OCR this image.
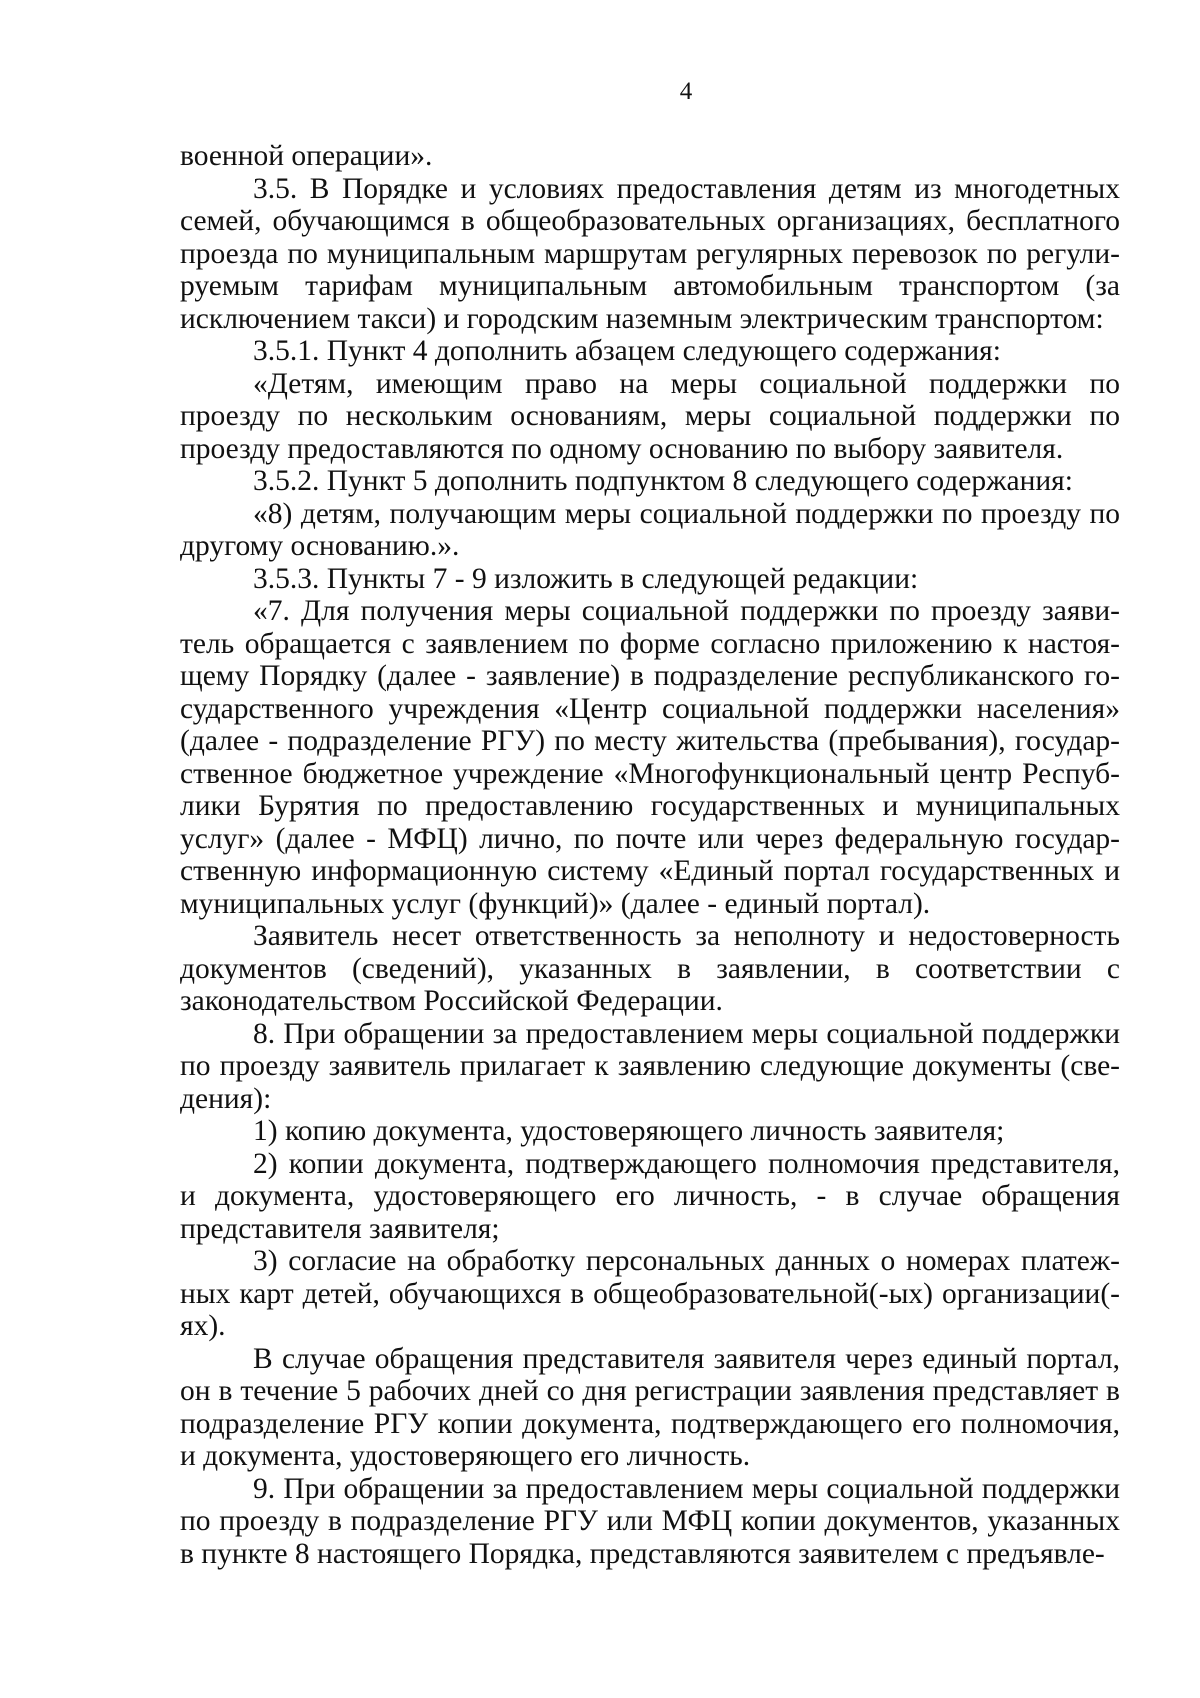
4

военной операции».

3.5. В Порядке и условиях предоставления детям из многодетных семей, обучающимся в общеобразовательных организациях, бесплатного проезда по муниципальным маршрутам регулярных перевозок по регулируемым тарифам муниципальным автомобильным транспортом (за исключением такси) и городским наземным электрическим транспортом:

3.5.1. Пункт 4 дополнить абзацем следующего содержания:

«Детям, имеющим право на меры социальной поддержки по проезду по нескольким основаниям, меры социальной поддержки по проезду предоставляются по одному основанию по выбору заявителя.

3.5.2. Пункт 5 дополнить подпунктом 8 следующего содержания:

«8) детям, получающим меры социальной поддержки по проезду по другому основанию.».

3.5.3. Пункты 7 - 9 изложить в следующей редакции:

«7. Для получения меры социальной поддержки по проезду заявитель обращается с заявлением по форме согласно приложению к настоящему Порядку (далее - заявление) в подразделение республиканского государственного учреждения «Центр социальной поддержки населения» (далее - подразделение РГУ) по месту жительства (пребывания), государственное бюджетное учреждение «Многофункциональный центр Республики Бурятия по предоставлению государственных и муниципальных услуг» (далее - МФЦ) лично, по почте или через федеральную государственную информационную систему «Единый портал государственных и муниципальных услуг (функций)» (далее - единый портал).

Заявитель несет ответственность за неполноту и недостоверность документов (сведений), указанных в заявлении, в соответствии с законодательством Российской Федерации.

8. При обращении за предоставлением меры социальной поддержки по проезду заявитель прилагает к заявлению следующие документы (сведения):

1) копию документа, удостоверяющего личность заявителя;

2) копии документа, подтверждающего полномочия представителя, и документа, удостоверяющего его личность, - в случае обращения представителя заявителя;

3) согласие на обработку персональных данных о номерах платежных карт детей, обучающихся в общеобразовательной(-ых) организации(-ях).

В случае обращения представителя заявителя через единый портал, он в течение 5 рабочих дней со дня регистрации заявления представляет в подразделение РГУ копии документа, подтверждающего его полномочия, и документа, удостоверяющего его личность.

9. При обращении за предоставлением меры социальной поддержки по проезду в подразделение РГУ или МФЦ копии документов, указанных в пункте 8 настоящего Порядка, представляются заявителем с предъявле-
